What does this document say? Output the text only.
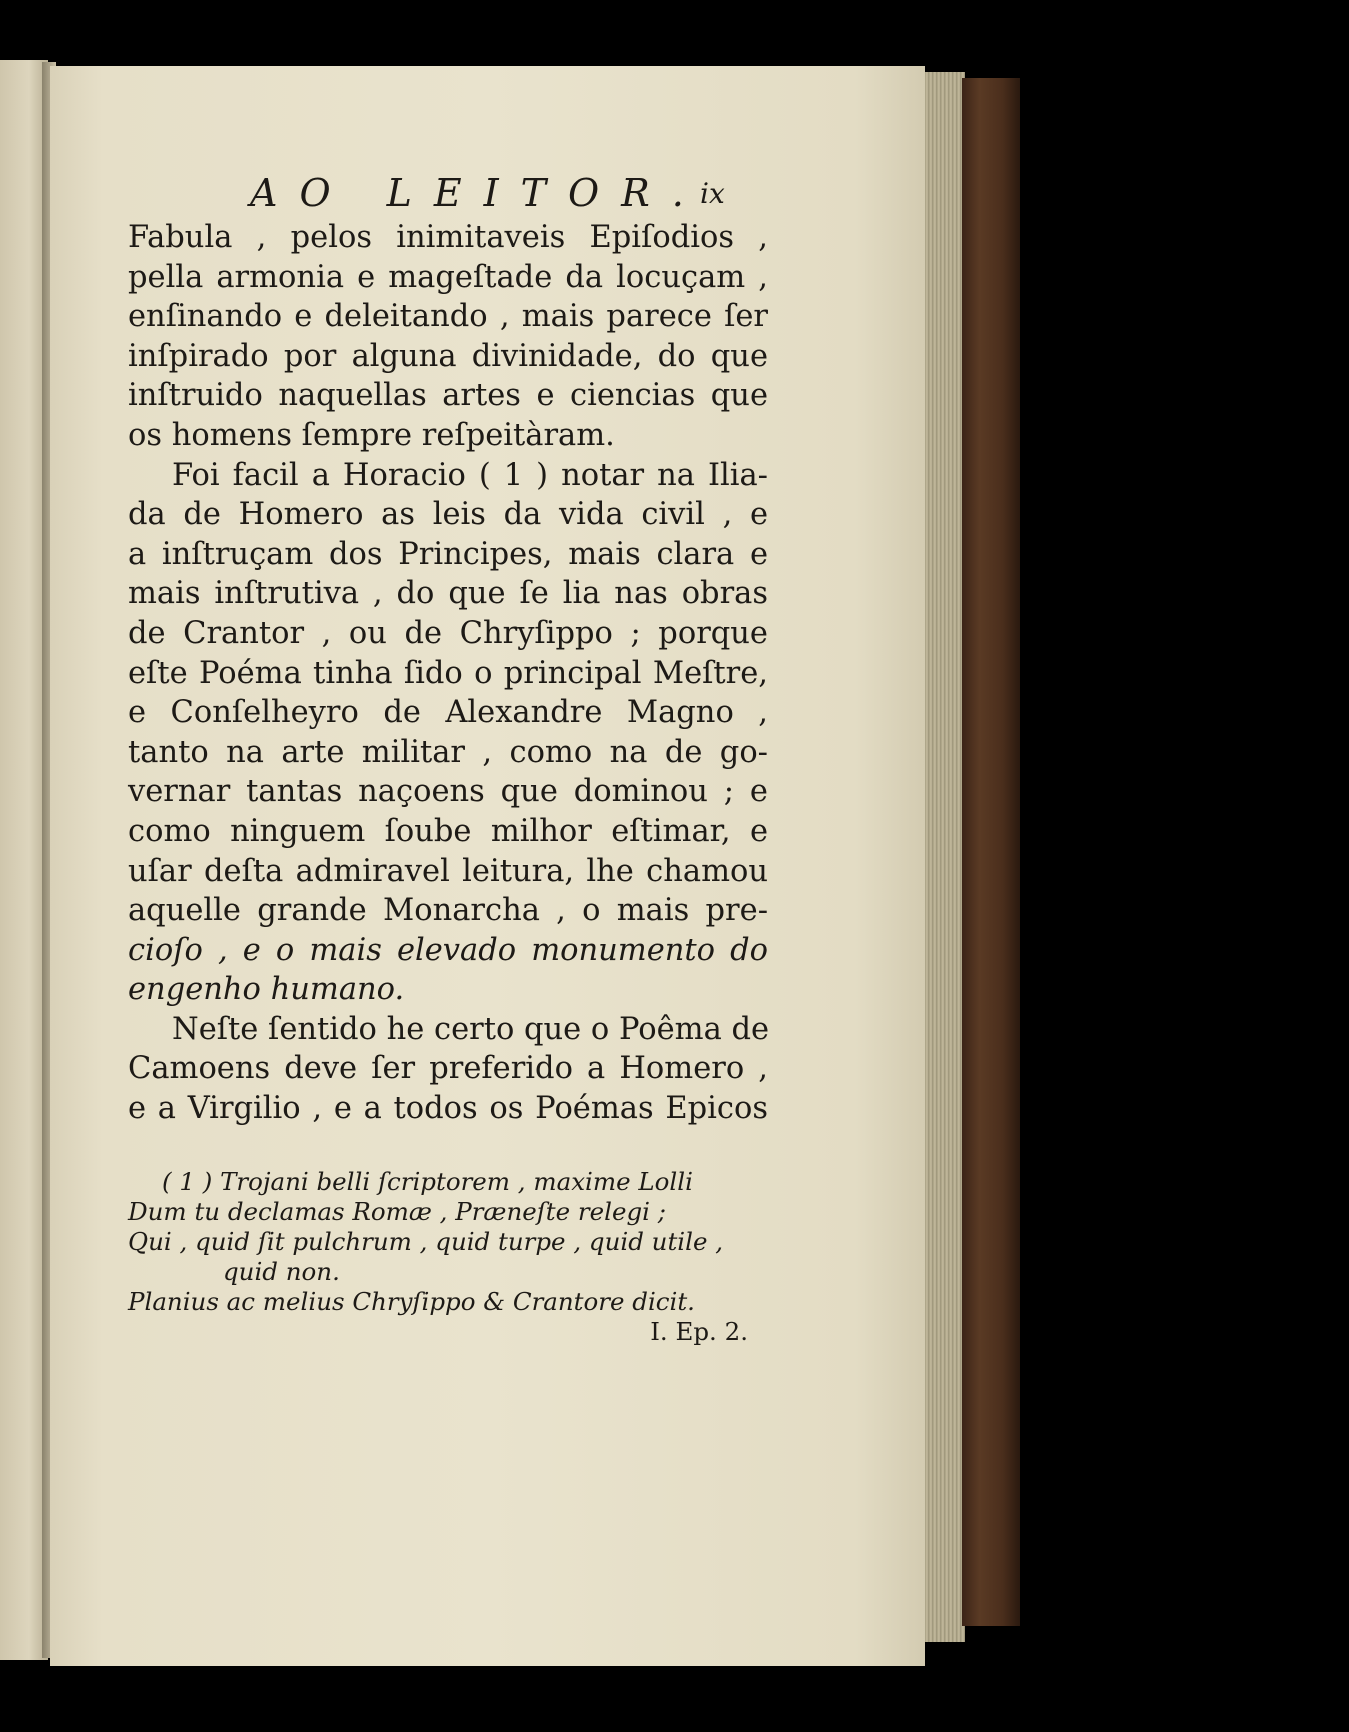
AO LEITOR.
ix

Fabula , pelos inimitaveis Epiſodios ,
pella armonia e mageſtade da locuçam ,
enſinando e deleitando , mais parece ſer
inſpirado por alguna divinidade, do que
inſtruido naquellas artes e ciencias que
os homens ſempre reſpeitàram.

Foi facil a Horacio ( 1 ) notar na Ilia-
da de Homero as leis da vida civil , e
a inſtruçam dos Principes, mais clara e
mais inſtrutiva , do que ſe lia nas obras
de Crantor , ou de Chryſippo ; porque
eſte Poéma tinha ſido o principal Meſtre,
e Conſelheyro de Alexandre Magno ,
tanto na arte militar , como na de go-
vernar tantas naçoens que dominou ; e
como ninguem ſoube milhor eſtimar, e
uſar deſta admiravel leitura, lhe chamou
aquelle grande Monarcha , o mais pre-
cioſo , e o mais elevado monumento do
engenho humano.

Neſte ſentido he certo que o Poêma de
Camoens deve ſer preferido a Homero ,
e a Virgilio , e a todos os Poémas Epicos

( 1 ) Trojani belli ſcriptorem , maxime Lolli
Dum tu declamas Romæ , Præneſte relegi ;
Qui , quid ſit pulchrum , quid turpe , quid utile ,
quid non.
Planius ac melius Chryſippo & Crantore dicit.
I. Ep. 2.
